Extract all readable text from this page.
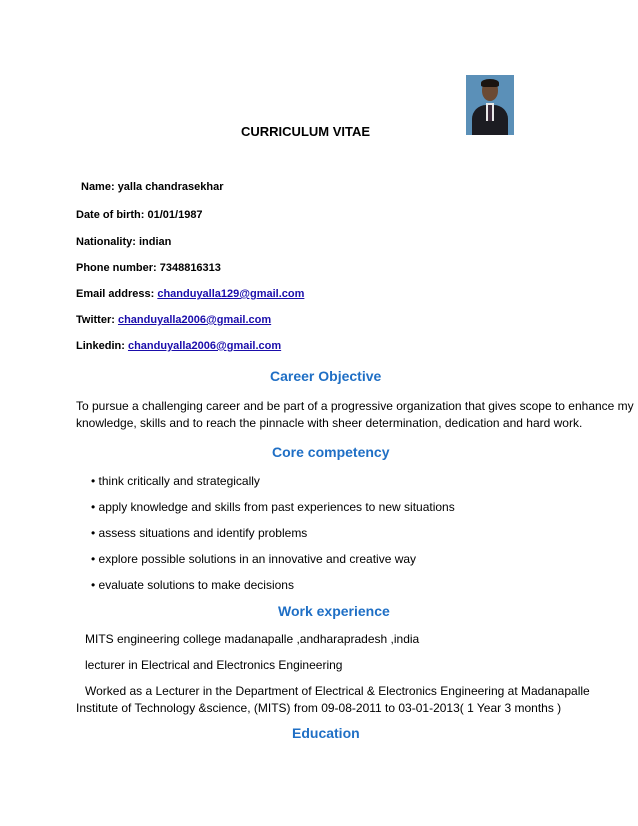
CURRICULUM VITAE
Name: yalla chandrasekhar
Date of birth: 01/01/1987
Nationality: indian
Phone number: 7348816313
Email address: chanduyalla129@gmail.com
Twitter: chanduyalla2006@gmail.com
Linkedin: chanduyalla2006@gmail.com
Career Objective
To pursue a challenging career and be part of a progressive organization that gives scope to enhance my
knowledge, skills and to reach the pinnacle with sheer determination, dedication and hard work.
Core competency
• think critically and strategically
• apply knowledge and skills from past experiences to new situations
• assess situations and identify problems
• explore possible solutions in an innovative and creative way
• evaluate solutions to make decisions
Work experience
MITS engineering college madanapalle ,andharapradesh ,india
lecturer in Electrical and Electronics Engineering
Worked as a Lecturer in the Department of Electrical & Electronics Engineering at Madanapalle
Institute of Technology &science, (MITS) from 09-08-2011 to 03-01-2013( 1 Year 3 months )
Education
